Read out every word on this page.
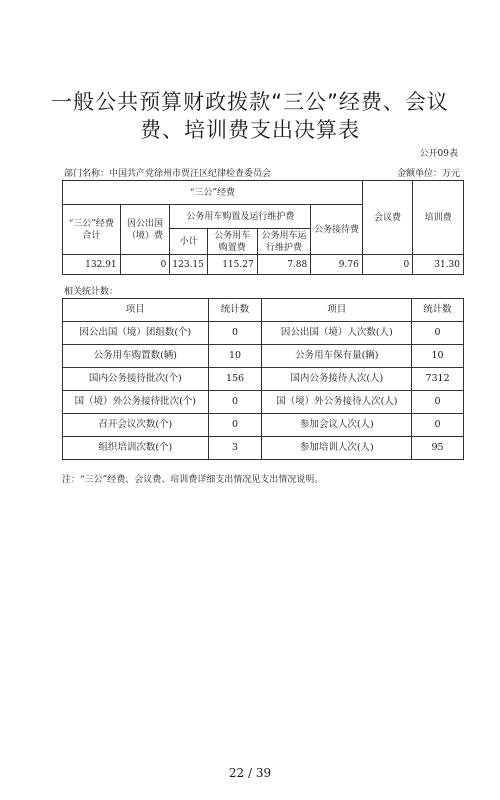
一般公共预算财政拨款“三公”经费、会议费、培训费支出决算表
公开09表
部门名称：中国共产党徐州市贾汪区纪律检查委员会	金额单位：万元
“三公”经费						会议费	培训费
“三公”经费合计	因公出国（境）费	公务用车购置及运行维护费			公务接待费		
		小计	公务用车购置费	公务用车运行维护费			
132.91	0	123.15	115.27	7.88	9.76	0	31.30
相关统计数：
项目	统计数	项目	统计数
因公出国（境）团组数(个)	0	因公出国（境）人次数(人)	0
公务用车购置数(辆)	10	公务用车保有量(辆)	10
国内公务接待批次(个)	156	国内公务接待人次(人)	7312
国（境）外公务接待批次(个)	0	国（境）外公务接待人次(人)	0
召开会议次数(个)	0	参加会议人次(人)	0
组织培训次数(个)	3	参加培训人次(人)	95
注：“三公”经费、会议费、培训费详细支出情况见支出情况说明。
22 / 39
